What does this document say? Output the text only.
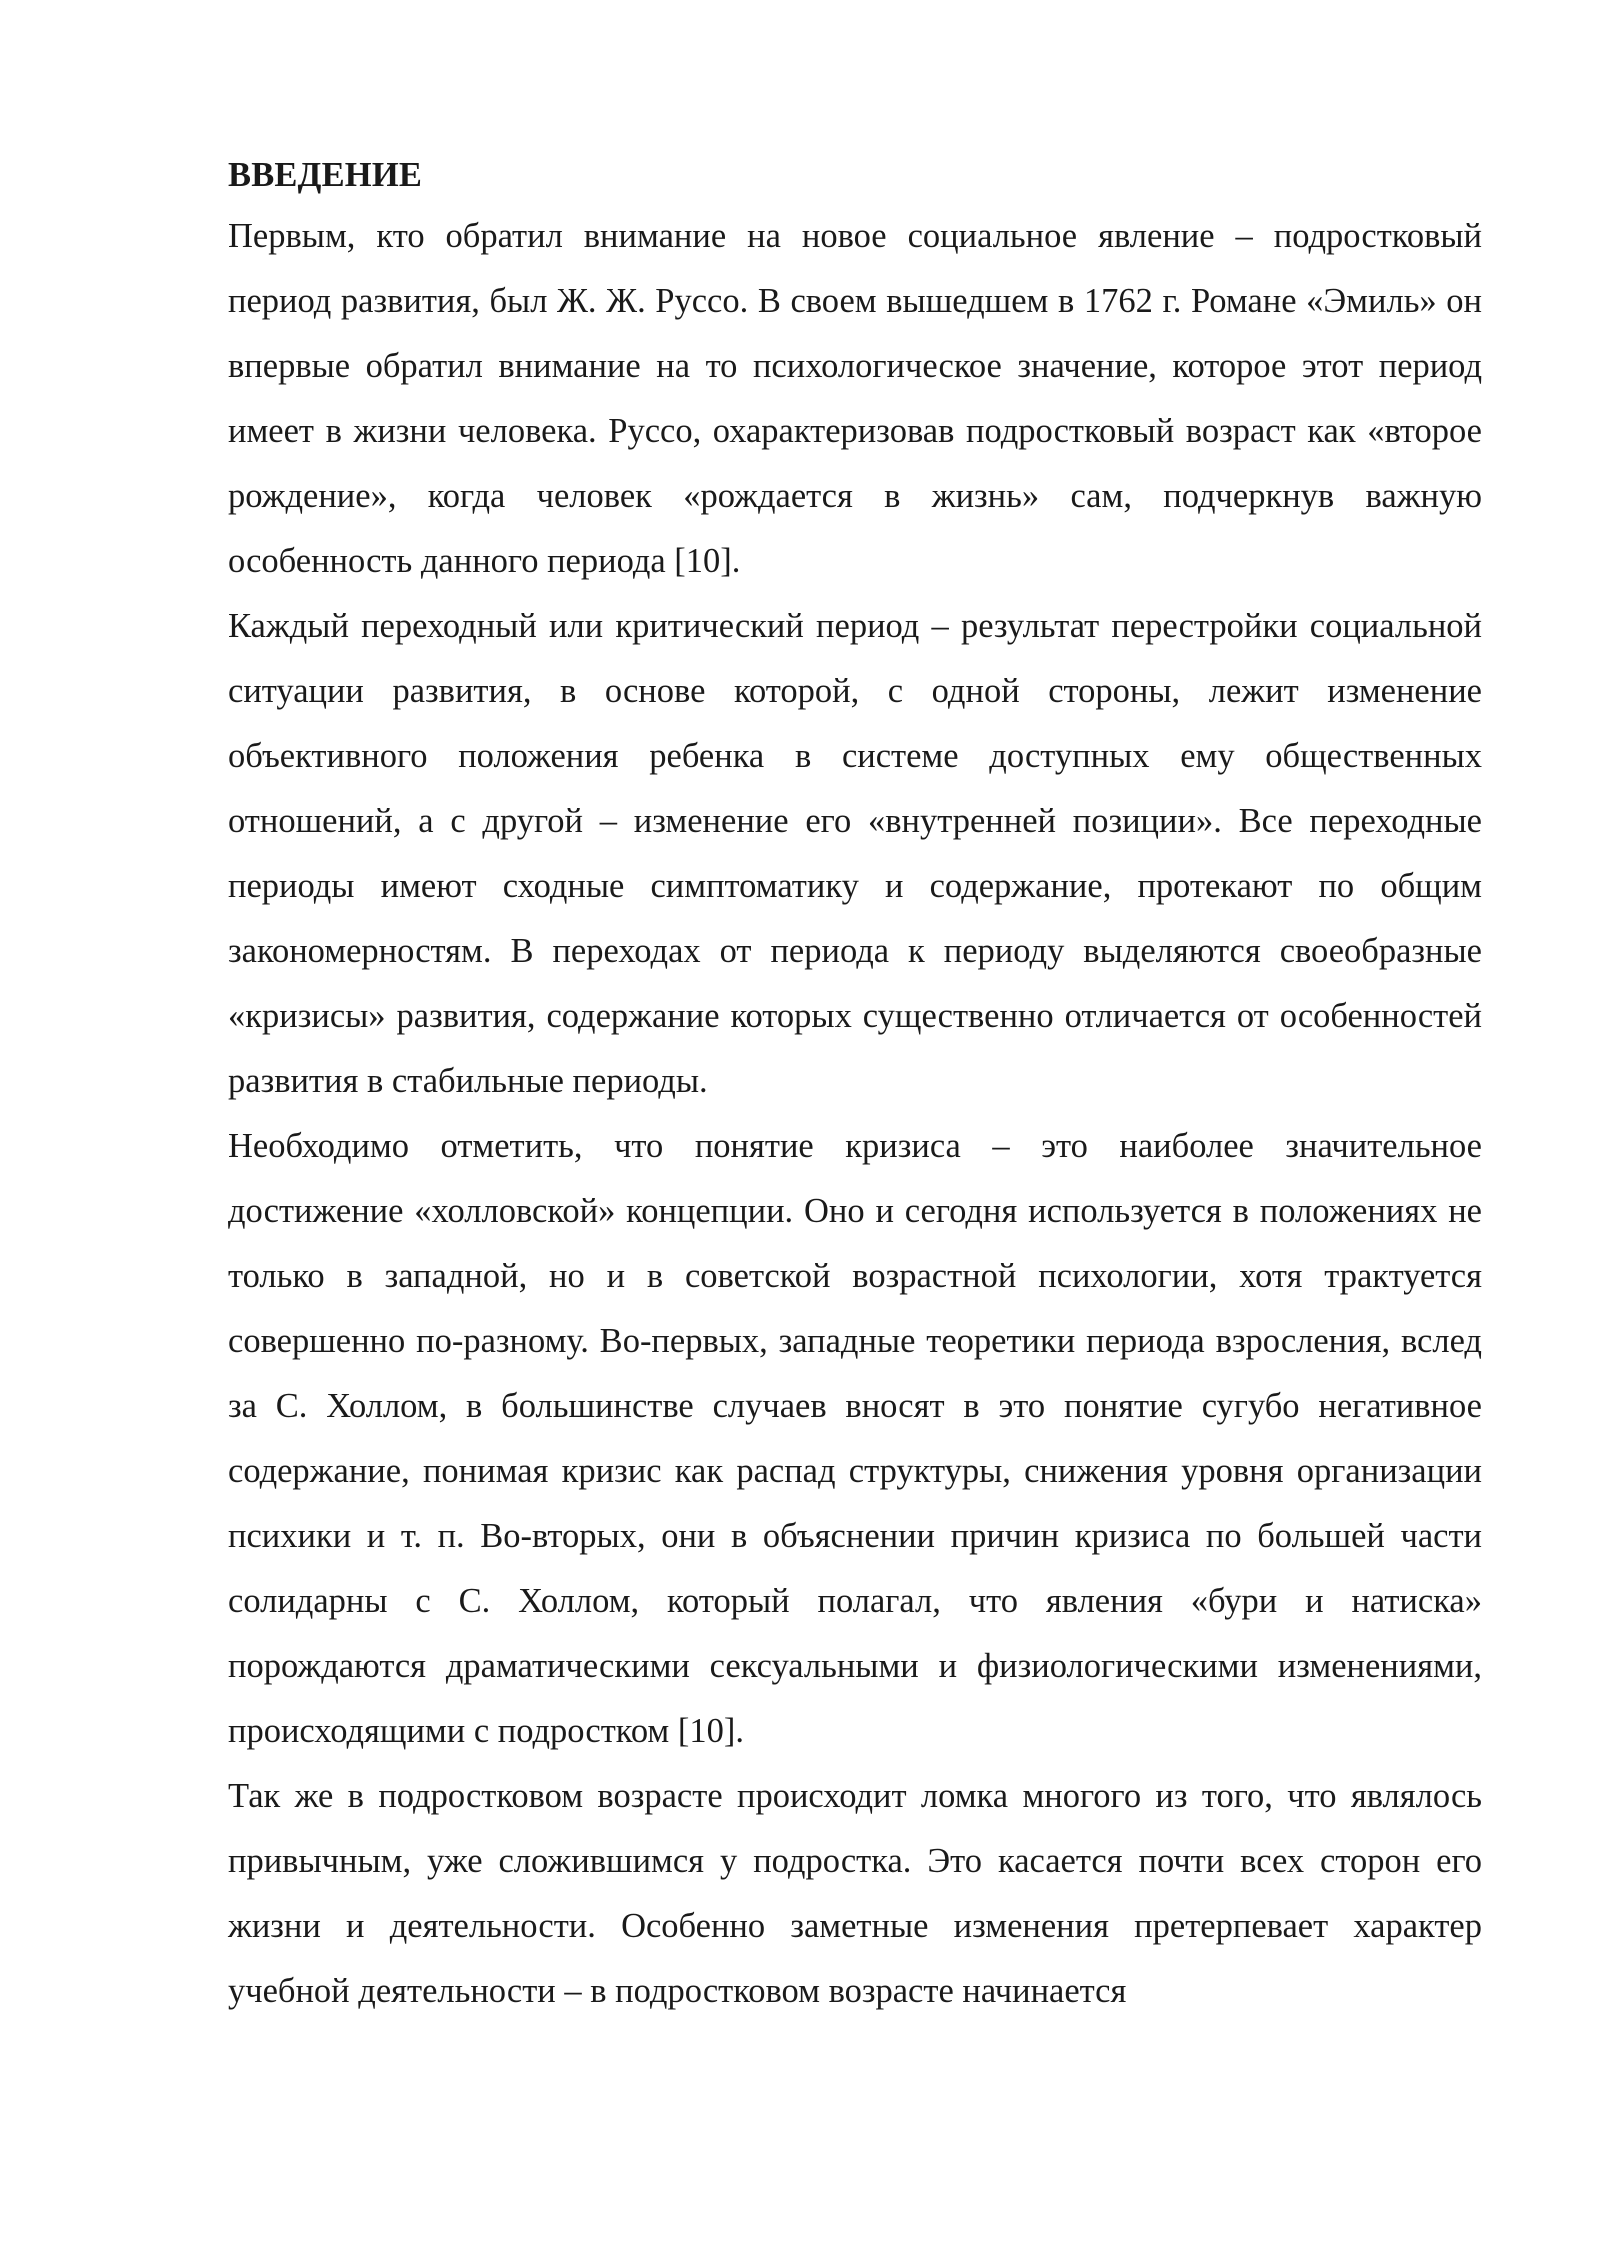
ВВЕДЕНИЕ

Первым, кто обратил внимание на новое социальное явление – подростковый период развития, был Ж. Ж. Руссо. В своем вышедшем в 1762 г. Романе «Эмиль» он впервые обратил внимание на то психологическое значение, которое этот период имеет в жизни человека. Руссо, охарактеризовав подростковый возраст как «второе рождение», когда человек «рождается в жизнь» сам, подчеркнув важную особенность данного периода [10].

Каждый переходный или критический период – результат перестройки социальной ситуации развития, в основе которой, с одной стороны, лежит изменение объективного положения ребенка в системе доступных ему общественных отношений, а с другой – изменение его «внутренней позиции». Все переходные периоды имеют сходные симптоматику и содержание, протекают по общим закономерностям. В переходах от периода к периоду выделяются своеобразные «кризисы» развития, содержание которых существенно отличается от особенностей развития в стабильные периоды.

Необходимо отметить, что понятие кризиса – это наиболее значительное достижение «холловской» концепции. Оно и сегодня используется в положениях не только в западной, но и в советской возрастной психологии, хотя трактуется совершенно по-разному. Во-первых, западные теоретики периода взросления, вслед за С. Холлом, в большинстве случаев вносят в это понятие сугубо негативное содержание, понимая кризис как распад структуры, снижения уровня организации психики и т. п. Во-вторых, они в объяснении причин кризиса по большей части солидарны с С. Холлом, который полагал, что явления «бури и натиска» порождаются драматическими сексуальными и физиологическими изменениями, происходящими с подростком [10].

Так же в подростковом возрасте происходит ломка многого из того, что являлось привычным, уже сложившимся у подростка. Это касается почти всех сторон его жизни и деятельности. Особенно заметные изменения претерпевает характер учебной деятельности – в подростковом возрасте начинается
